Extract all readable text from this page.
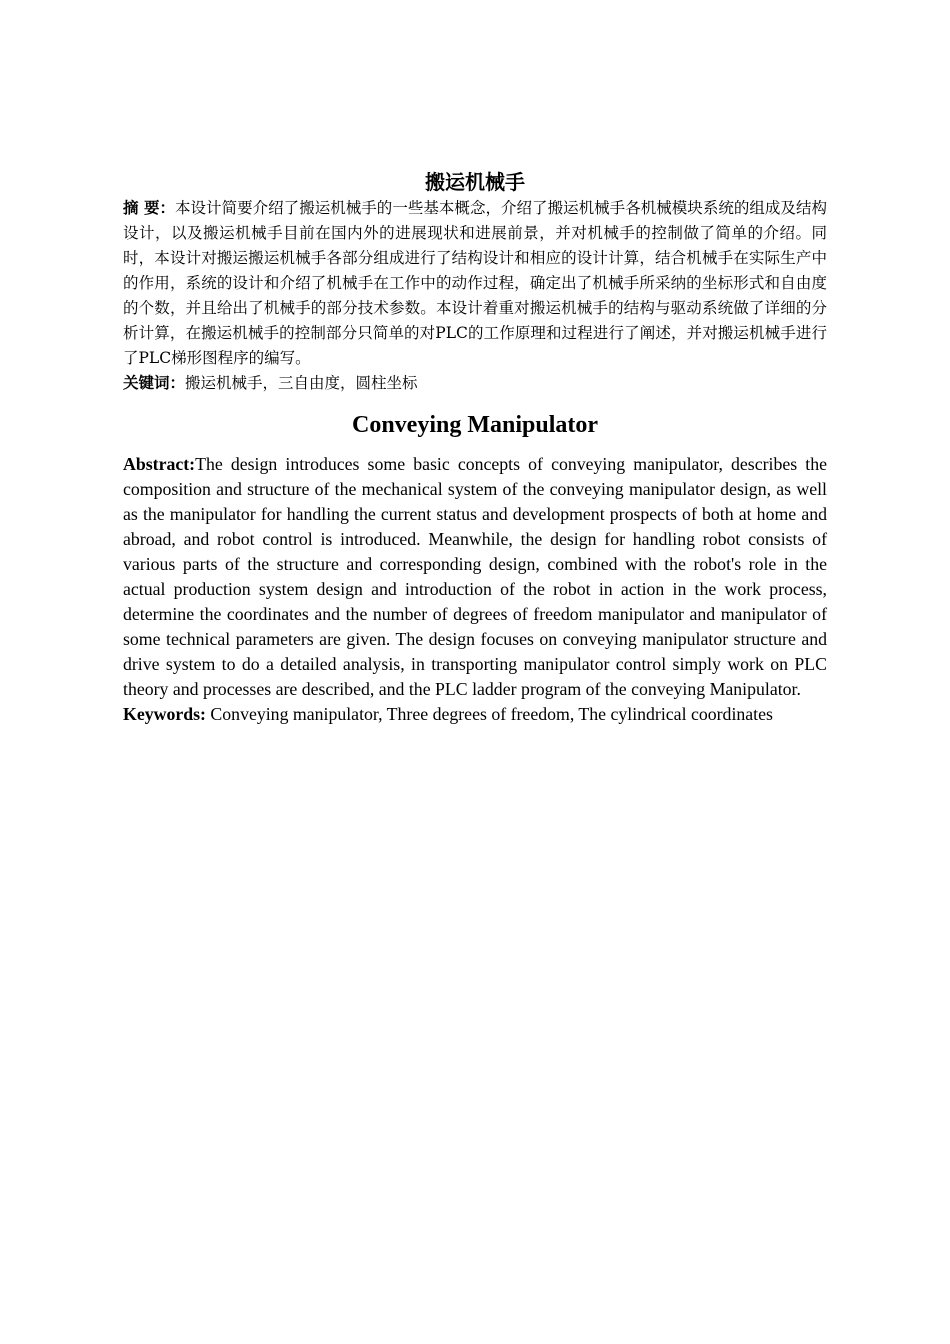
搬运机械手

摘 要：本设计简要介绍了搬运机械手的一些基本概念，介绍了搬运机械手各机械模块系统的组成及结构设计，以及搬运机械手目前在国内外的进展现状和进展前景，并对机械手的控制做了简单的介绍。同时，本设计对搬运搬运机械手各部分组成进行了结构设计和相应的设计计算，结合机械手在实际生产中的作用，系统的设计和介绍了机械手在工作中的动作过程，确定出了机械手所采纳的坐标形式和自由度的个数，并且给出了机械手的部分技术参数。本设计着重对搬运机械手的结构与驱动系统做了详细的分析计算，在搬运机械手的控制部分只简单的对PLC的工作原理和过程进行了阐述，并对搬运机械手进行了PLC梯形图程序的编写。

关键词：搬运机械手，三自由度，圆柱坐标

Conveying Manipulator

Abstract:The design introduces some basic concepts of conveying manipulator, describes the composition and structure of the mechanical system of the conveying manipulator design, as well as the manipulator for handling the current status and development prospects of both at home and abroad, and robot control is introduced. Meanwhile, the design for handling robot consists of various parts of the structure and corresponding design, combined with the robot's role in the actual production system design and introduction of the robot in action in the work process, determine the coordinates and the number of degrees of freedom manipulator and manipulator of some technical parameters are given. The design focuses on conveying manipulator structure and drive system to do a detailed analysis, in transporting manipulator control simply work on PLC theory and processes are described, and the PLC ladder program of the conveying Manipulator.

Keywords: Conveying manipulator, Three degrees of freedom, The cylindrical coordinates
